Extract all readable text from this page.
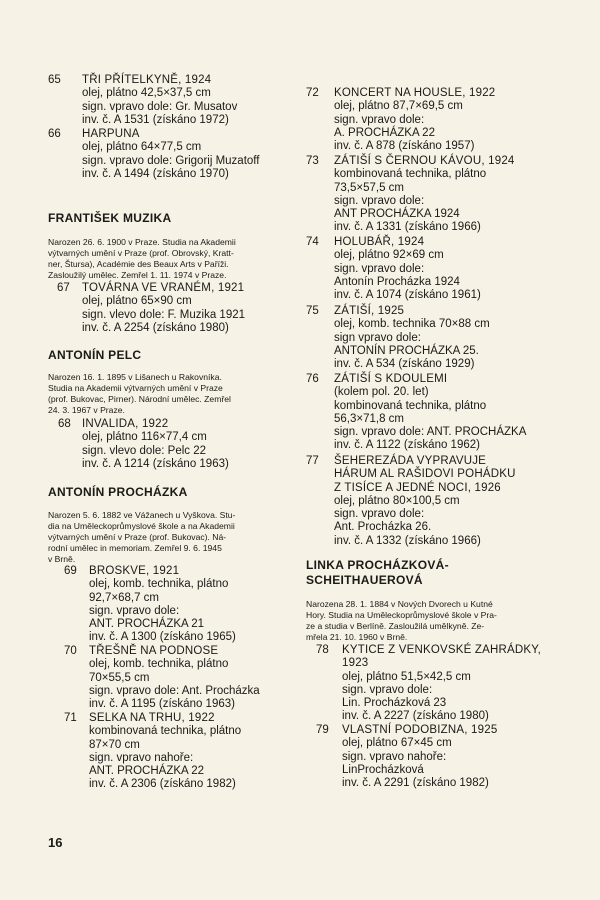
65 TŘI PŘÍTELKYNĚ, 1924
olej, plátno 42,5×37,5 cm
sign. vpravo dole: Gr. Musatov
inv. č. A 1531 (získáno 1972)
66 HARPUNA
olej, plátno 64×77,5 cm
sign. vpravo dole: Grigorij Muzatoff
inv. č. A 1494 (získáno 1970)
FRANTIŠEK MUZIKA
Narozen 26. 6. 1900 v Praze. Studia na Akademii
výtvarných umění v Praze (prof. Obrovský, Kratt-
ner, Štursa), Académie des Beaux Arts v Paříži.
Zasloužilý umělec. Zemřel 1. 11. 1974 v Praze.
67 TOVÁRNA VE VRANÉM, 1921
olej, plátno 65×90 cm
sign. vlevo dole: F. Muzika 1921
inv. č. A 2254 (získáno 1980)
ANTONÍN PELC
Narozen 16. 1. 1895 v Lišanech u Rakovníka.
Studia na Akademii výtvarných umění v Praze
(prof. Bukovac, Pirner). Národní umělec. Zemřel
24. 3. 1967 v Praze.
68 INVALIDA, 1922
olej, plátno 116×77,4 cm
sign. vlevo dole: Pelc 22
inv. č. A 1214 (získáno 1963)
ANTONÍN PROCHÁZKA
Narozen 5. 6. 1882 ve Vážanech u Vyškova. Stu-
dia na Uměleckoprůmyslové škole a na Akademii
výtvarných umění v Praze (prof. Bukovac). Ná-
rodní umělec in memoriam. Zemřel 9. 6. 1945
v Brně.
69 BROSKVE, 1921
olej, komb. technika, plátno
92,7×68,7 cm
sign. vpravo dole:
ANT. PROCHÁZKA 21
inv. č. A 1300 (získáno 1965)
70 TŘEŠNĚ NA PODNOSE
olej, komb. technika, plátno
70×55,5 cm
sign. vpravo dole: Ant. Procházka
inv. č. A 1195 (získáno 1963)
71 SELKA NA TRHU, 1922
kombinovaná technika, plátno
87×70 cm
sign. vpravo nahoře:
ANT. PROCHÁZKA 22
inv. č. A 2306 (získáno 1982)
72 KONCERT NA HOUSLE, 1922
olej, plátno 87,7×69,5 cm
sign. vpravo dole:
A. PROCHÁZKA 22
inv. č. A 878 (získáno 1957)
73 ZÁTIŠÍ S ČERNOU KÁVOU, 1924
kombinovaná technika, plátno
73,5×57,5 cm
sign. vpravo dole:
ANT PROCHÁZKA 1924
inv. č. A 1331 (získáno 1966)
74 HOLUBÁŘ, 1924
olej, plátno 92×69 cm
sign. vpravo dole:
Antonín Procházka 1924
inv. č. A 1074 (získáno 1961)
75 ZÁTIŠÍ, 1925
olej, komb. technika 70×88 cm
sign vpravo dole:
ANTONÍN PROCHÁZKA 25.
inv. č. A 534 (získáno 1929)
76 ZÁTIŠÍ S KDOULEMI
(kolem pol. 20. let)
kombinovaná technika, plátno
56,3×71,8 cm
sign. vpravo dole: ANT. PROCHÁZKA
inv. č. A 1122 (získáno 1962)
77 ŠEHEREZÁDA VYPRAVUJE
HÁRUM AL RAŠIDOVI POHÁDKU
Z TISÍCE A JEDNÉ NOCI, 1926
olej, plátno 80×100,5 cm
sign. vpravo dole:
Ant. Procházka 26.
inv. č. A 1332 (získáno 1966)
LINKA PROCHÁZKOVÁ-
SCHEITHAUEROVÁ
Narozena 28. 1. 1884 v Nových Dvorech u Kutné
Hory. Studia na Uměleckoprůmyslové škole v Pra-
ze a studia v Berlíně. Zasloužilá umělkyně. Ze-
mřela 21. 10. 1960 v Brně.
78 KYTICE Z VENKOVSKÉ ZAHRÁDKY,
1923
olej, plátno 51,5×42,5 cm
sign. vpravo dole:
Lin. Procházková 23
inv. č. A 2227 (získáno 1980)
79 VLASTNÍ PODOBIZNA, 1925
olej, plátno 67×45 cm
sign. vpravo nahoře:
LinProcházková
inv. č. A 2291 (získáno 1982)
16
